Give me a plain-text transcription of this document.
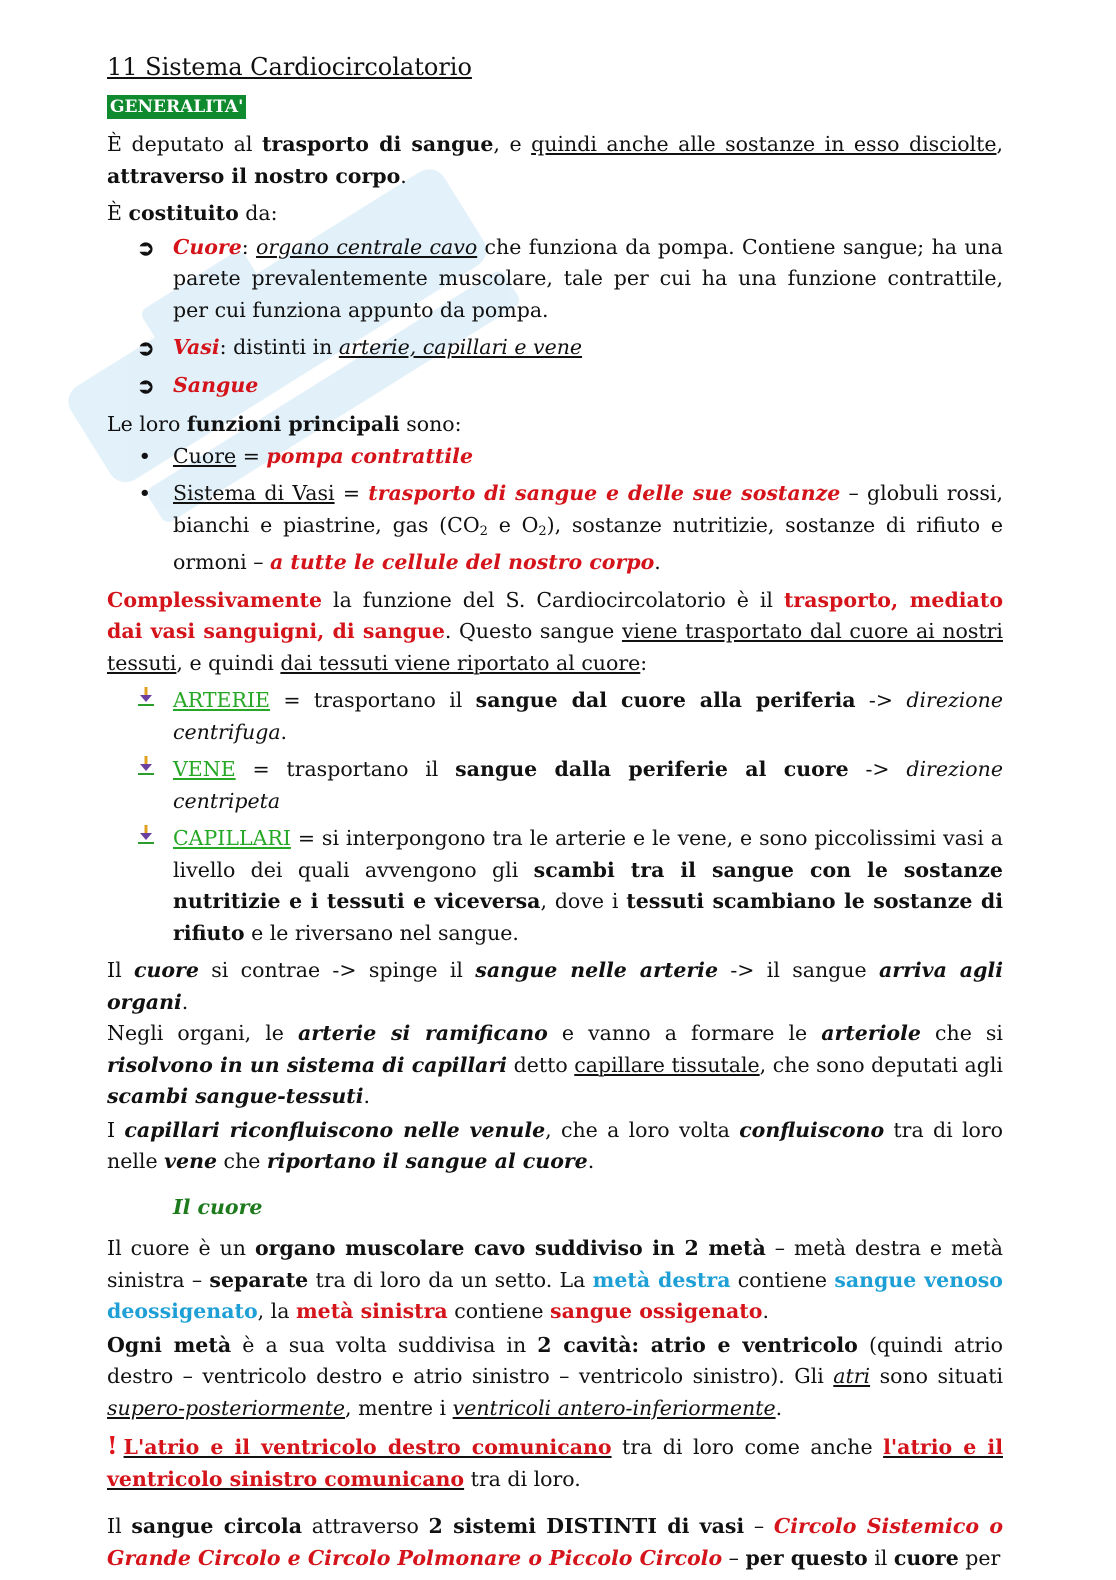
11 Sistema Cardiocircolatorio
GENERALITA'

È deputato al trasporto di sangue, e quindi anche alle sostanze in esso disciolte, attraverso il nostro corpo.

È costituito da:

➲ Cuore: organo centrale cavo che funziona da pompa. Contiene sangue; ha una parete prevalentemente muscolare, tale per cui ha una funzione contrattile, per cui funziona appunto da pompa.
➲ Vasi: distinti in arterie, capillari e vene
➲ Sangue

Le loro funzioni principali sono:

• Cuore = pompa contrattile
• Sistema di Vasi = trasporto di sangue e delle sue sostanze – globuli rossi, bianchi e piastrine, gas ($CO_2$ e $O_2$), sostanze nutritizie, sostanze di rifiuto e ormoni – a tutte le cellule del nostro corpo.

Complessivamente la funzione del S. Cardiocircolatorio è il trasporto, mediato dai vasi sanguigni, di sangue. Questo sangue viene trasportato dal cuore ai nostri tessuti, e quindi dai tessuti viene riportato al cuore:

ARTERIE = trasportano il sangue dal cuore alla periferia -> direzione centrifuga.
VENE = trasportano il sangue dalla periferie al cuore -> direzione centripeta
CAPILLARI = si interpongono tra le arterie e le vene, e sono piccolissimi vasi a livello dei quali avvengono gli scambi tra il sangue con le sostanze nutritizie e i tessuti e viceversa, dove i tessuti scambiano le sostanze di rifiuto e le riversano nel sangue.

Il cuore si contrae -> spinge il sangue nelle arterie -> il sangue arriva agli organi.
Negli organi, le arterie si ramificano e vanno a formare le arteriole che si risolvono in un sistema di capillari detto capillare tissutale, che sono deputati agli scambi sangue-tessuti.

I capillari riconfluiscono nelle venule, che a loro volta confluiscono tra di loro nelle vene che riportano il sangue al cuore.

Il cuore

Il cuore è un organo muscolare cavo suddiviso in 2 metà – metà destra e metà sinistra – separate tra di loro da un setto. La metà destra contiene sangue venoso deossigenato, la metà sinistra contiene sangue ossigenato.

Ogni metà è a sua volta suddivisa in 2 cavità: atrio e ventricolo (quindi atrio destro – ventricolo destro e atrio sinistro – ventricolo sinistro). Gli atri sono situati supero-posteriormente, mentre i ventricoli antero-inferiormente.

! L'atrio e il ventricolo destro comunicano tra di loro come anche l'atrio e il ventricolo sinistro comunicano tra di loro.

Il sangue circola attraverso 2 sistemi DISTINTI di vasi – Circolo Sistemico o Grande Circolo e Circolo Polmonare o Piccolo Circolo – per questo il cuore per
